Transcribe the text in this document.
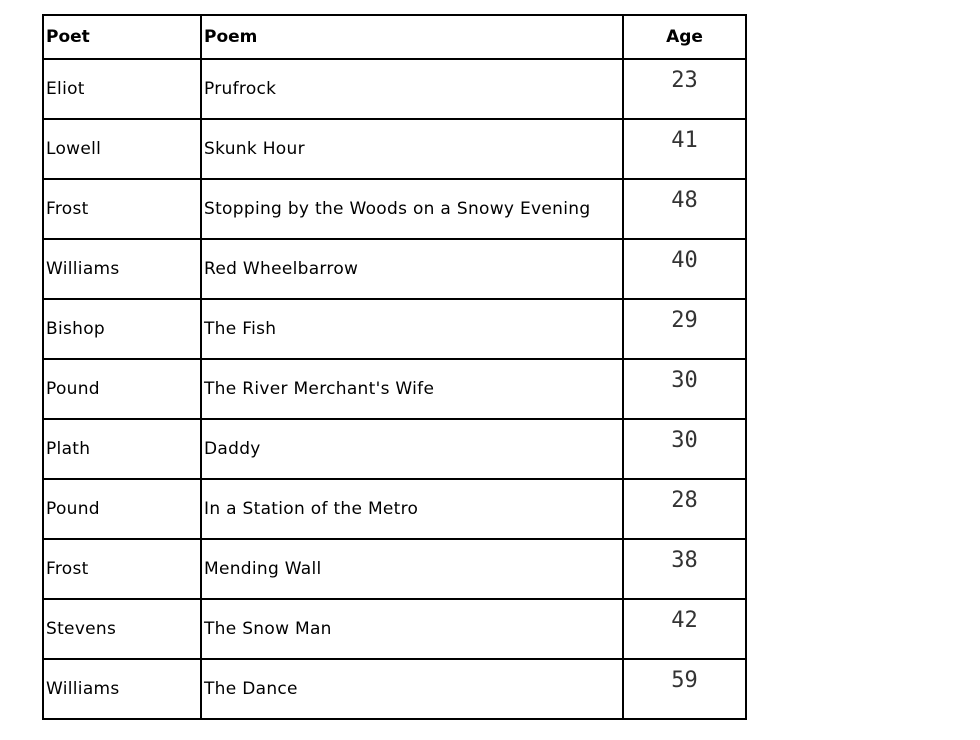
Poet	Poem	Age
Eliot	Prufrock	23
Lowell	Skunk Hour	41
Frost	Stopping by the Woods on a Snowy Evening	48
Williams	Red Wheelbarrow	40
Bishop	The Fish	29
Pound	The River Merchant's Wife	30
Plath	Daddy	30
Pound	In a Station of the Metro	28
Frost	Mending Wall	38
Stevens	The Snow Man	42
Williams	The Dance	59
